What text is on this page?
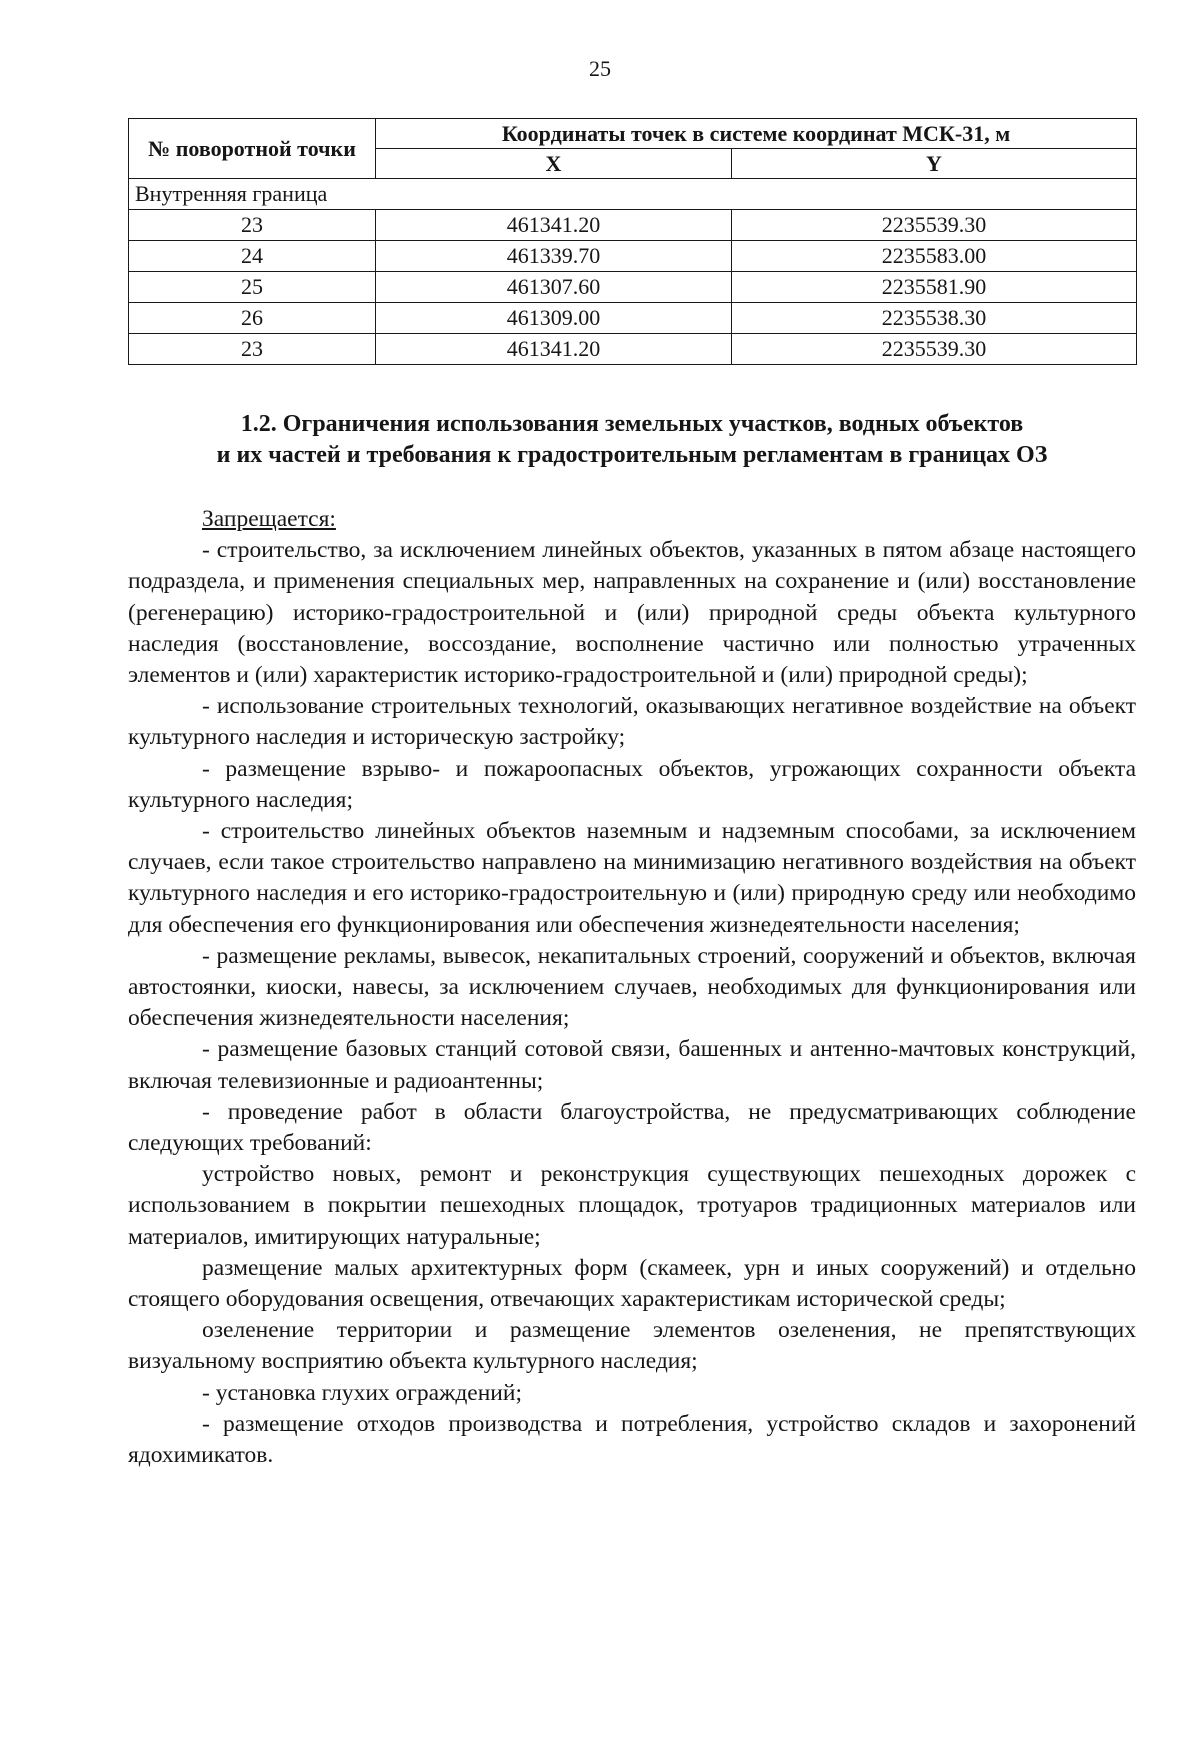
25
№ поворотной точки	Координаты точек в системе координат МСК-31, м	
	X	Y
Внутренняя граница		
23	461341.20	2235539.30
24	461339.70	2235583.00
25	461307.60	2235581.90
26	461309.00	2235538.30
23	461341.20	2235539.30
1.2. Ограничения использования земельных участков, водных объектов
и их частей и требования к градостроительным регламентам в границах ОЗ

Запрещается:

- строительство, за исключением линейных объектов, указанных в пятом абзаце настоящего подраздела, и применения специальных мер, направленных на сохранение и (или) восстановление (регенерацию) историко-градостроительной и (или) природной среды объекта культурного наследия (восстановление, воссоздание, восполнение частично или полностью утраченных элементов и (или) характеристик историко-градостроительной и (или) природной среды);

- использование строительных технологий, оказывающих негативное воздействие на объект культурного наследия и историческую застройку;

- размещение взрыво- и пожароопасных объектов, угрожающих сохранности объекта культурного наследия;

- строительство линейных объектов наземным и надземным способами, за исключением случаев, если такое строительство направлено на минимизацию негативного воздействия на объект культурного наследия и его историко-градостроительную и (или) природную среду или необходимо для обеспечения его функционирования или обеспечения жизнедеятельности населения;

- размещение рекламы, вывесок, некапитальных строений, сооружений и объектов, включая автостоянки, киоски, навесы, за исключением случаев, необходимых для функционирования или обеспечения жизнедеятельности населения;

- размещение базовых станций сотовой связи, башенных и антенно-мачтовых конструкций, включая телевизионные и радиоантенны;

- проведение работ в области благоустройства, не предусматривающих соблюдение следующих требований:

устройство новых, ремонт и реконструкция существующих пешеходных дорожек с использованием в покрытии пешеходных площадок, тротуаров традиционных материалов или материалов, имитирующих натуральные;

размещение малых архитектурных форм (скамеек, урн и иных сооружений) и отдельно стоящего оборудования освещения, отвечающих характеристикам исторической среды;

озеленение территории и размещение элементов озеленения, не препятствующих визуальному восприятию объекта культурного наследия;

- установка глухих ограждений;

- размещение отходов производства и потребления, устройство складов и захоронений ядохимикатов.
